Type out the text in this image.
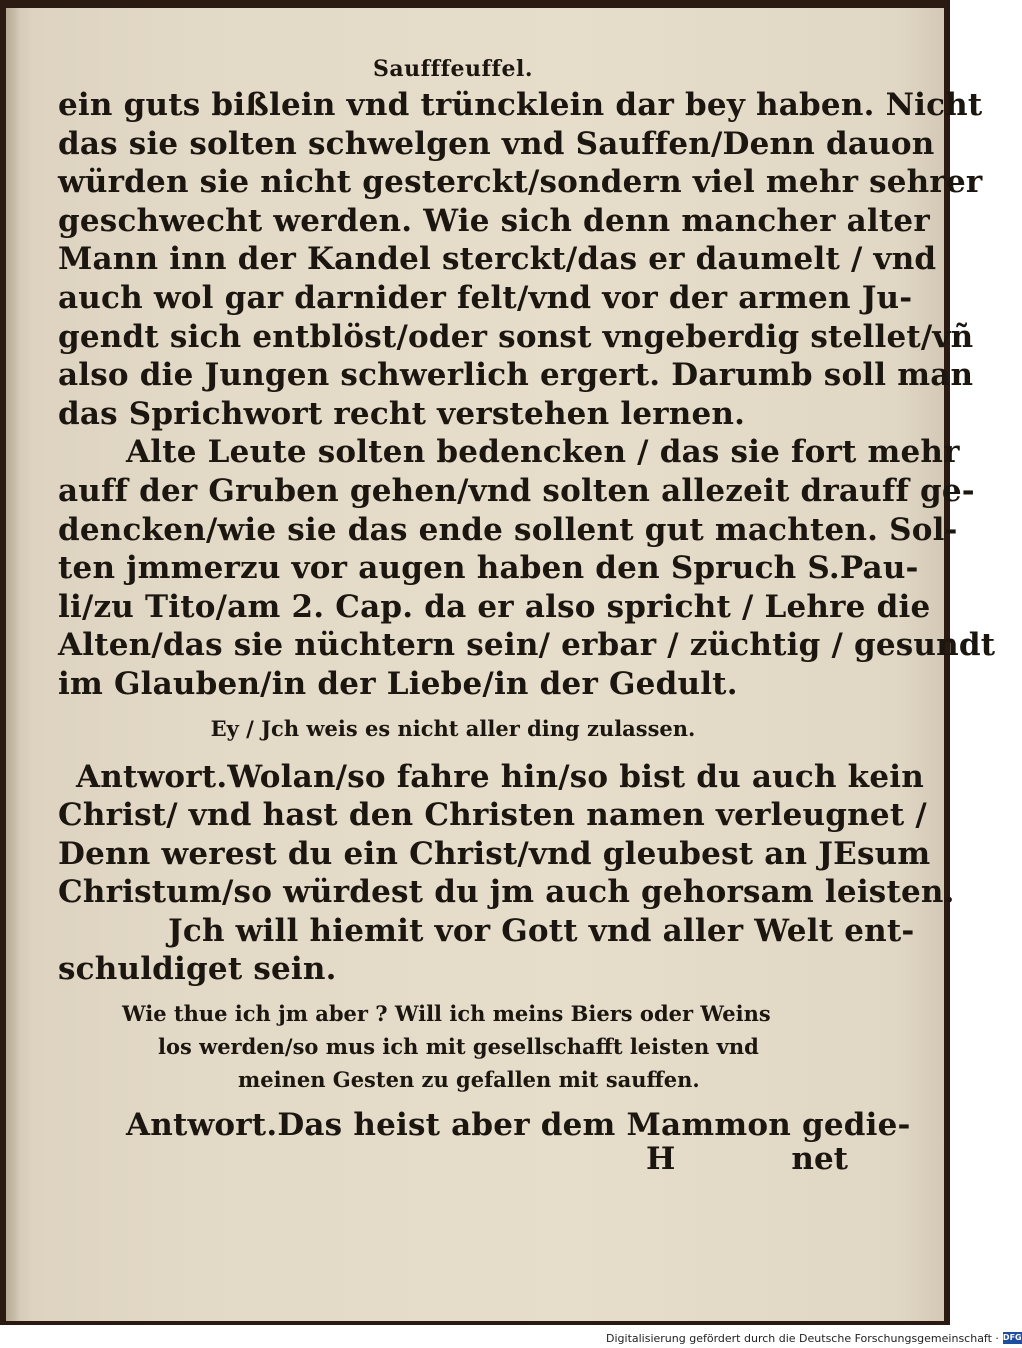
Saufffeuffel.
ein guts bißlein vnd trüncklein dar bey haben. Nicht
das sie solten schwelgen vnd Sauffen/Denn dauon
würden sie nicht gesterckt/sondern viel mehr sehrer
geschwecht werden. Wie sich denn mancher alter
Mann inn der Kandel sterckt/das er daumelt / vnd
auch wol gar darnider felt/vnd vor der armen Ju-
gendt sich entblöst/oder sonst vngeberdig stellet/vñ
also die Jungen schwerlich ergert. Darumb soll man
das Sprichwort recht verstehen lernen.
Alte Leute solten bedencken / das sie fort mehr
auff der Gruben gehen/vnd solten allezeit drauff ge-
dencken/wie sie das ende sollent gut machten. Sol-
ten jmmerzu vor augen haben den Spruch S.Pau-
li/zu Tito/am 2. Cap. da er also spricht / Lehre die
Alten/das sie nüchtern sein/ erbar / züchtig / gesundt
im Glauben/in der Liebe/in der Gedult.
Ey / Jch weis es nicht aller ding zulassen.
Antwort.Wolan/so fahre hin/so bist du auch kein
Christ/ vnd hast den Christen namen verleugnet /
Denn werest du ein Christ/vnd gleubest an JEsum
Christum/so würdest du jm auch gehorsam leisten.
Jch will hiemit vor Gott vnd aller Welt ent-
schuldiget sein.
Wie thue ich jm aber ? Will ich meins Biers oder Weins
los werden/so mus ich mit gesellschafft leisten vnd
meinen Gesten zu gefallen mit sauffen.
Antwort.Das heist aber dem Mammon gedie-
H	net
Digitalisierung gefördert durch die Deutsche Forschungsgemeinschaft · DFG
